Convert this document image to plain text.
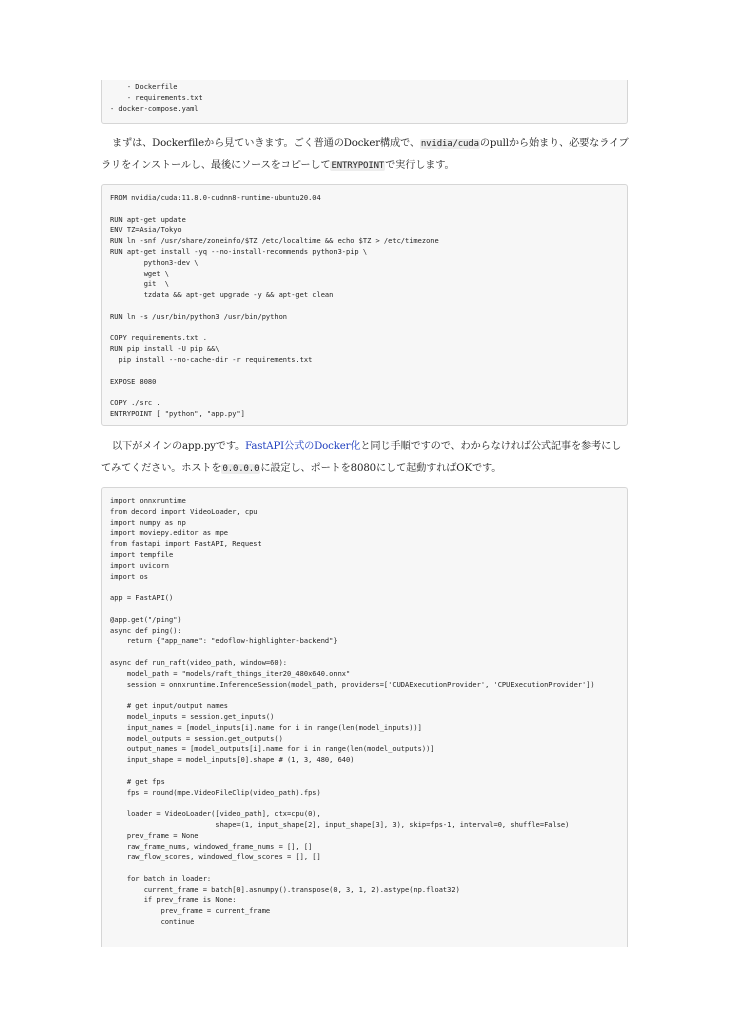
- Dockerfile
- requirements.txt
- docker-compose.yaml

まずは、Dockerfileから見ていきます。ごく普通のDocker構成で、nvidia/cudaのpullから始まり、必要なライブラリをインストールし、最後にソースをコピーしてENTRYPOINTで実行します。

FROM nvidia/cuda:11.8.0-cudnn8-runtime-ubuntu20.04

RUN apt-get update
ENV TZ=Asia/Tokyo
RUN ln -snf /usr/share/zoneinfo/$TZ /etc/localtime && echo $TZ > /etc/timezone
RUN apt-get install -yq --no-install-recommends python3-pip \
python3-dev \
wget \
git  \
tzdata && apt-get upgrade -y && apt-get clean

RUN ln -s /usr/bin/python3 /usr/bin/python

COPY requirements.txt .
RUN pip install -U pip &&\
pip install --no-cache-dir -r requirements.txt

EXPOSE 8080

COPY ./src .
ENTRYPOINT [ "python", "app.py"]

以下がメインのapp.pyです。FastAPI公式のDocker化と同じ手順ですので、わからなければ公式記事を参考にしてみてください。ホストを0.0.0.0に設定し、ポートを8080にして起動すればOKです。

import onnxruntime
from decord import VideoLoader, cpu
import numpy as np
import moviepy.editor as mpe
from fastapi import FastAPI, Request
import tempfile
import uvicorn
import os

app = FastAPI()

@app.get("/ping")
async def ping():
return {"app_name": "edoflow-highlighter-backend"}

async def run_raft(video_path, window=60):
model_path = "models/raft_things_iter20_480x640.onnx"
session = onnxruntime.InferenceSession(model_path, providers=['CUDAExecutionProvider', 'CPUExecutionProvider'])

# get input/output names
model_inputs = session.get_inputs()
input_names = [model_inputs[i].name for i in range(len(model_inputs))]
model_outputs = session.get_outputs()
output_names = [model_outputs[i].name for i in range(len(model_outputs))]
input_shape = model_inputs[0].shape # (1, 3, 480, 640)

# get fps
fps = round(mpe.VideoFileClip(video_path).fps)

loader = VideoLoader([video_path], ctx=cpu(0),
shape=(1, input_shape[2], input_shape[3], 3), skip=fps-1, interval=0, shuffle=False)
prev_frame = None
raw_frame_nums, windowed_frame_nums = [], []
raw_flow_scores, windowed_flow_scores = [], []

for batch in loader:
current_frame = batch[0].asnumpy().transpose(0, 3, 1, 2).astype(np.float32)
if prev_frame is None:
prev_frame = current_frame
continue
